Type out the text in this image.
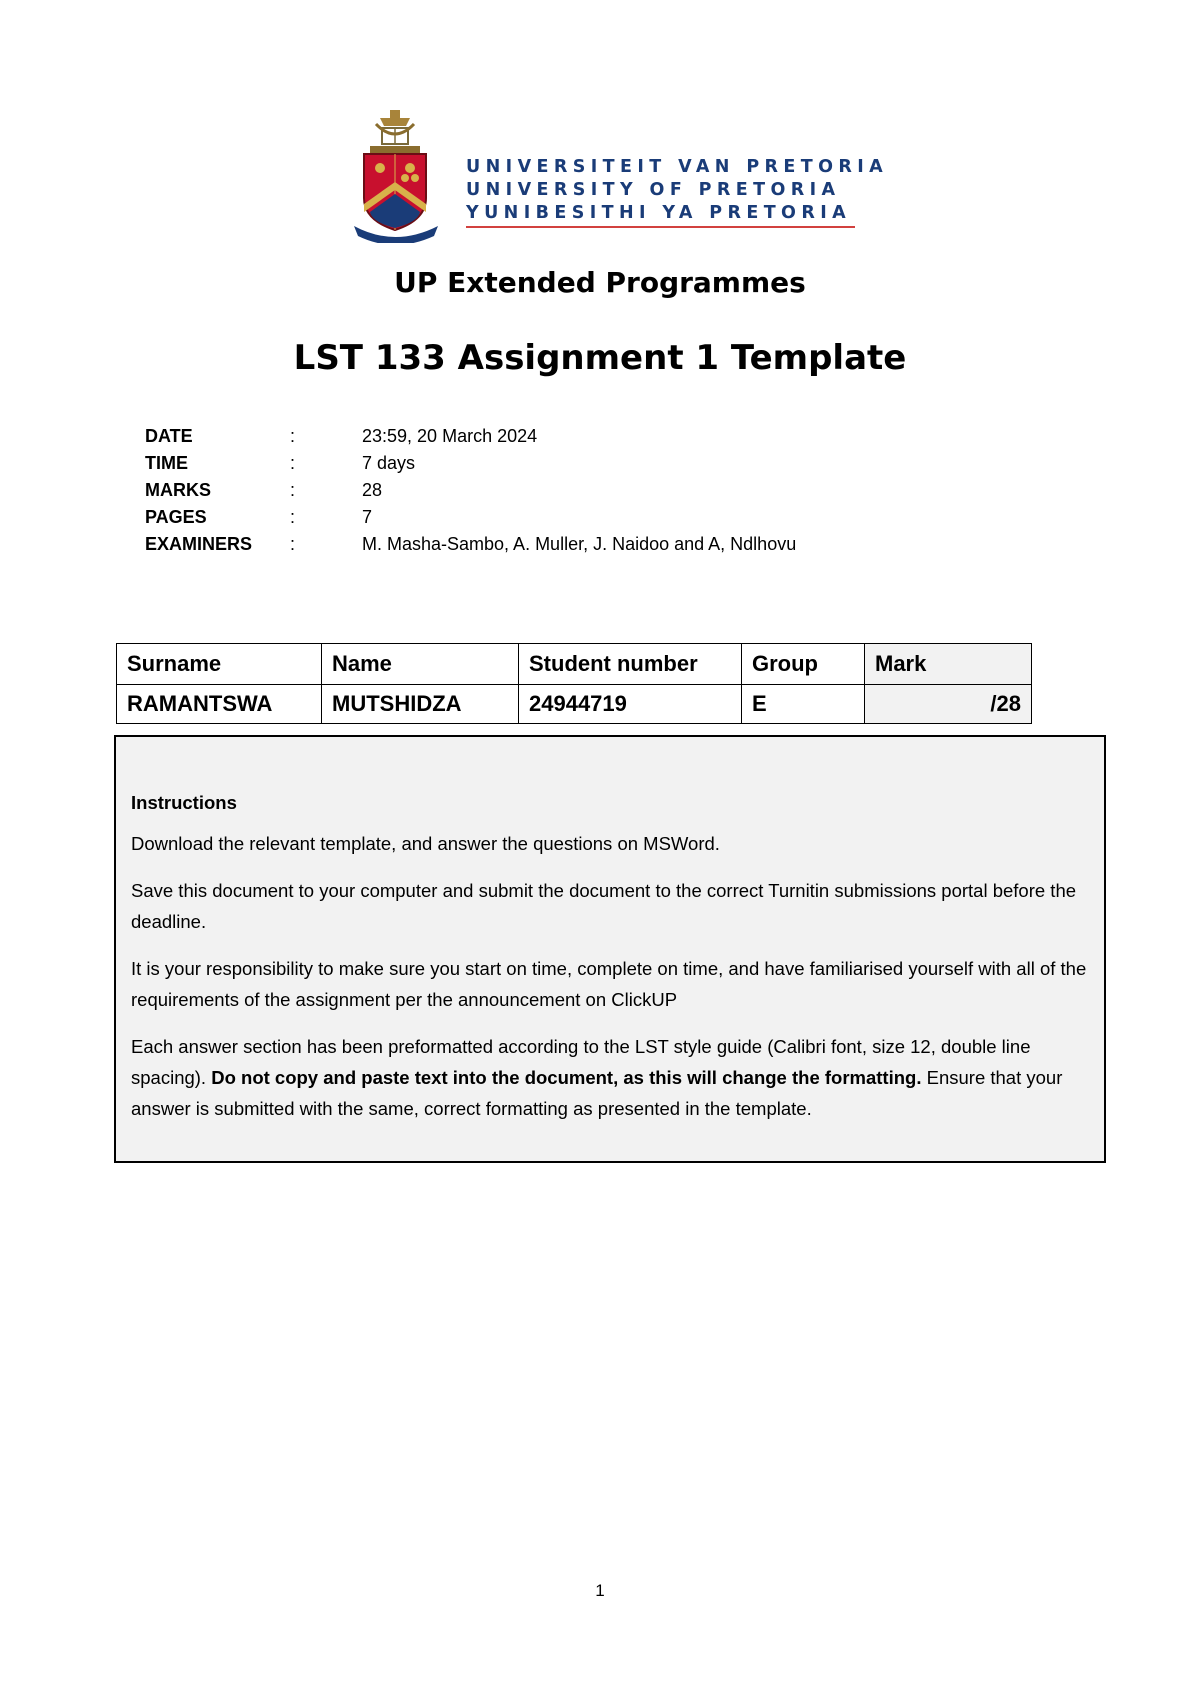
UNIVERSITEIT VAN PRETORIA
UNIVERSITY OF PRETORIA
YUNIBESITHI YA PRETORIA
UP Extended Programmes
LST 133 Assignment 1 Template
DATE	:	23:59, 20 March 2024
TIME	:	7 days
MARKS	:	28
PAGES	:	7
EXAMINERS	:	M. Masha-Sambo, A. Muller, J. Naidoo and A, Ndlhovu
Surname	Name	Student number	Group	Mark
RAMANTSWA	MUTSHIDZA	24944719	E	/28

Instructions

Download the relevant template, and answer the questions on MSWord.

Save this document to your computer and submit the document to the correct Turnitin submissions portal before the deadline.

It is your responsibility to make sure you start on time, complete on time, and have familiarised yourself with all of the requirements of the assignment per the announcement on ClickUP

Each answer section has been preformatted according to the LST style guide (Calibri font, size 12, double line spacing). Do not copy and paste text into the document, as this will change the formatting. Ensure that your answer is submitted with the same, correct formatting as presented in the template.

1
